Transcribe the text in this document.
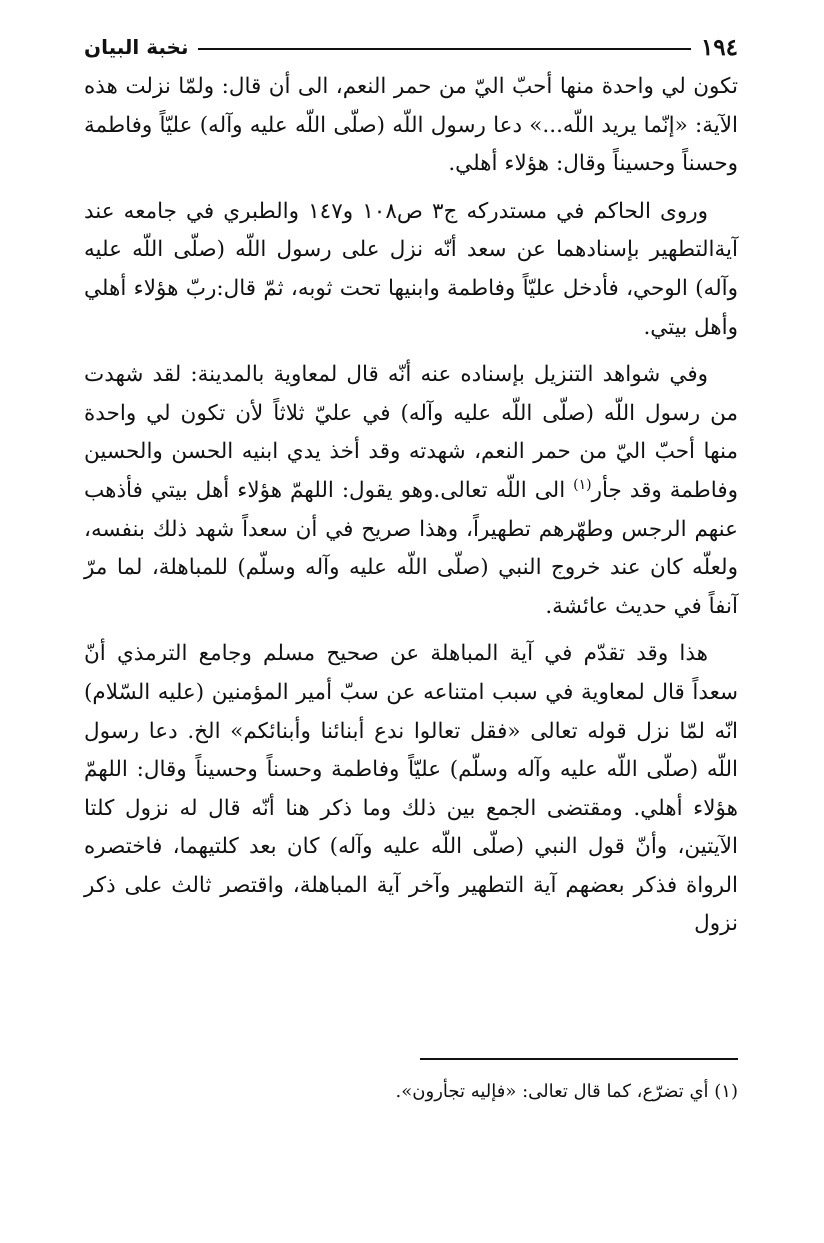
١٩٤
نخبة البيان

تكون لي واحدة منها أحبّ اليّ من حمر النعم، الى أن قال: ولمّا نزلت هذه الآية: «إنّما يريد اللّه...» دعا رسول اللّه (صلّى اللّه عليه وآله) عليّاً وفاطمة وحسناً وحسيناً وقال: هؤلاء أهلي.

وروى الحاكم في مستدركه ج٣ ص١٠٨ و١٤٧ والطبري في جامعه عند آيةالتطهير بإسنادهما عن سعد أنّه نزل على رسول اللّه (صلّى اللّه عليه وآله) الوحي، فأدخل عليّاً وفاطمة وابنيها تحت ثوبه، ثمّ قال:ربّ هؤلاء أهلي وأهل بيتي.

وفي شواهد التنزيل بإسناده عنه أنّه قال لمعاوية بالمدينة: لقد شهدت من رسول اللّه (صلّى اللّه عليه وآله) في عليّ ثلاثاً لأن تكون لي واحدة منها أحبّ اليّ من حمر النعم، شهدته وقد أخذ يدي ابنيه الحسن والحسين وفاطمة وقد جأر$^{(١)}$ الى اللّه تعالى.وهو يقول: اللهمّ هؤلاء أهل بيتي فأذهب عنهم الرجس وطهّرهم تطهيراً، وهذا صريح في أن سعداً شهد ذلك بنفسه، ولعلّه كان عند خروج النبي (صلّى اللّه عليه وآله وسلّم) للمباهلة، لما مرّ آنفاً في حديث عائشة.

هذا وقد تقدّم في آية المباهلة عن صحيح مسلم وجامع الترمذي أنّ سعداً قال لمعاوية في سبب امتناعه عن سبّ أمير المؤمنين (عليه السّلام) انّه لمّا نزل قوله تعالى «فقل تعالوا ندع أبنائنا وأبنائكم» الخ. دعا رسول اللّه (صلّى اللّه عليه وآله وسلّم) عليّاً وفاطمة وحسناً وحسيناً وقال: اللهمّ هؤلاء أهلي. ومقتضى الجمع بين ذلك وما ذكر هنا أنّه قال له نزول كلتا الآيتين، وأنّ قول النبي (صلّى اللّه عليه وآله) كان بعد كلتيهما، فاختصره الرواة فذكر بعضهم آية التطهير وآخر آية المباهلة، واقتصر ثالث على ذكر نزول

(١) أي تضرّع، كما قال تعالى: «فإليه تجأرون».
